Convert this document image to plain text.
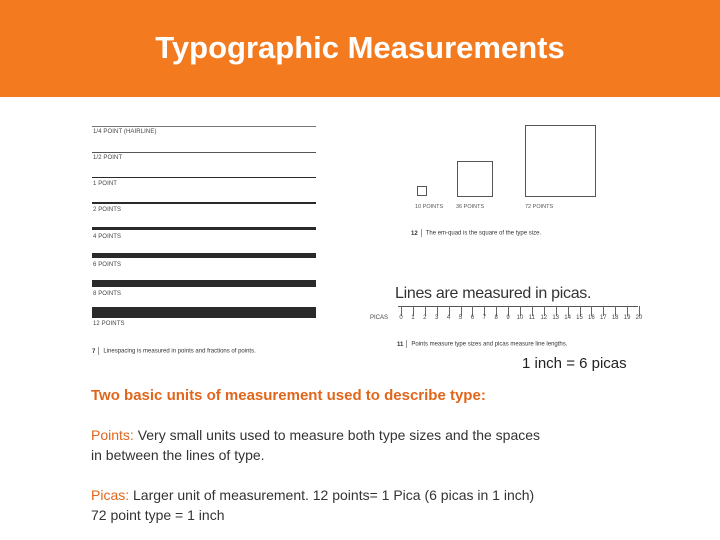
Typographic Measurements
1/4 POINT (HAIRLINE)
1/2 POINT
1 POINT
2 POINTS
4 POINTS
6 POINTS
8 POINTS
12 POINTS
7 Linespacing is measured in points and fractions of points.
10 POINTS 36 POINTS	72 POINTS
12 The em-quad is the square of the type size.
Lines are measured in picas.
PICAS	0	1	2	3	4	5	6	7	8	9	10 11 12 13 14 15 16 17 18 19 20
11 Points measure type sizes and picas measure line lengths.
1 inch = 6 picas
Two basic units of measurement used to describe type:
Points: Very small units used to measure both type sizes and the spaces
in between the lines of type.
Picas: Larger unit of measurement. 12 points= 1 Pica (6 picas in 1 inch)
72 point type = 1 inch
